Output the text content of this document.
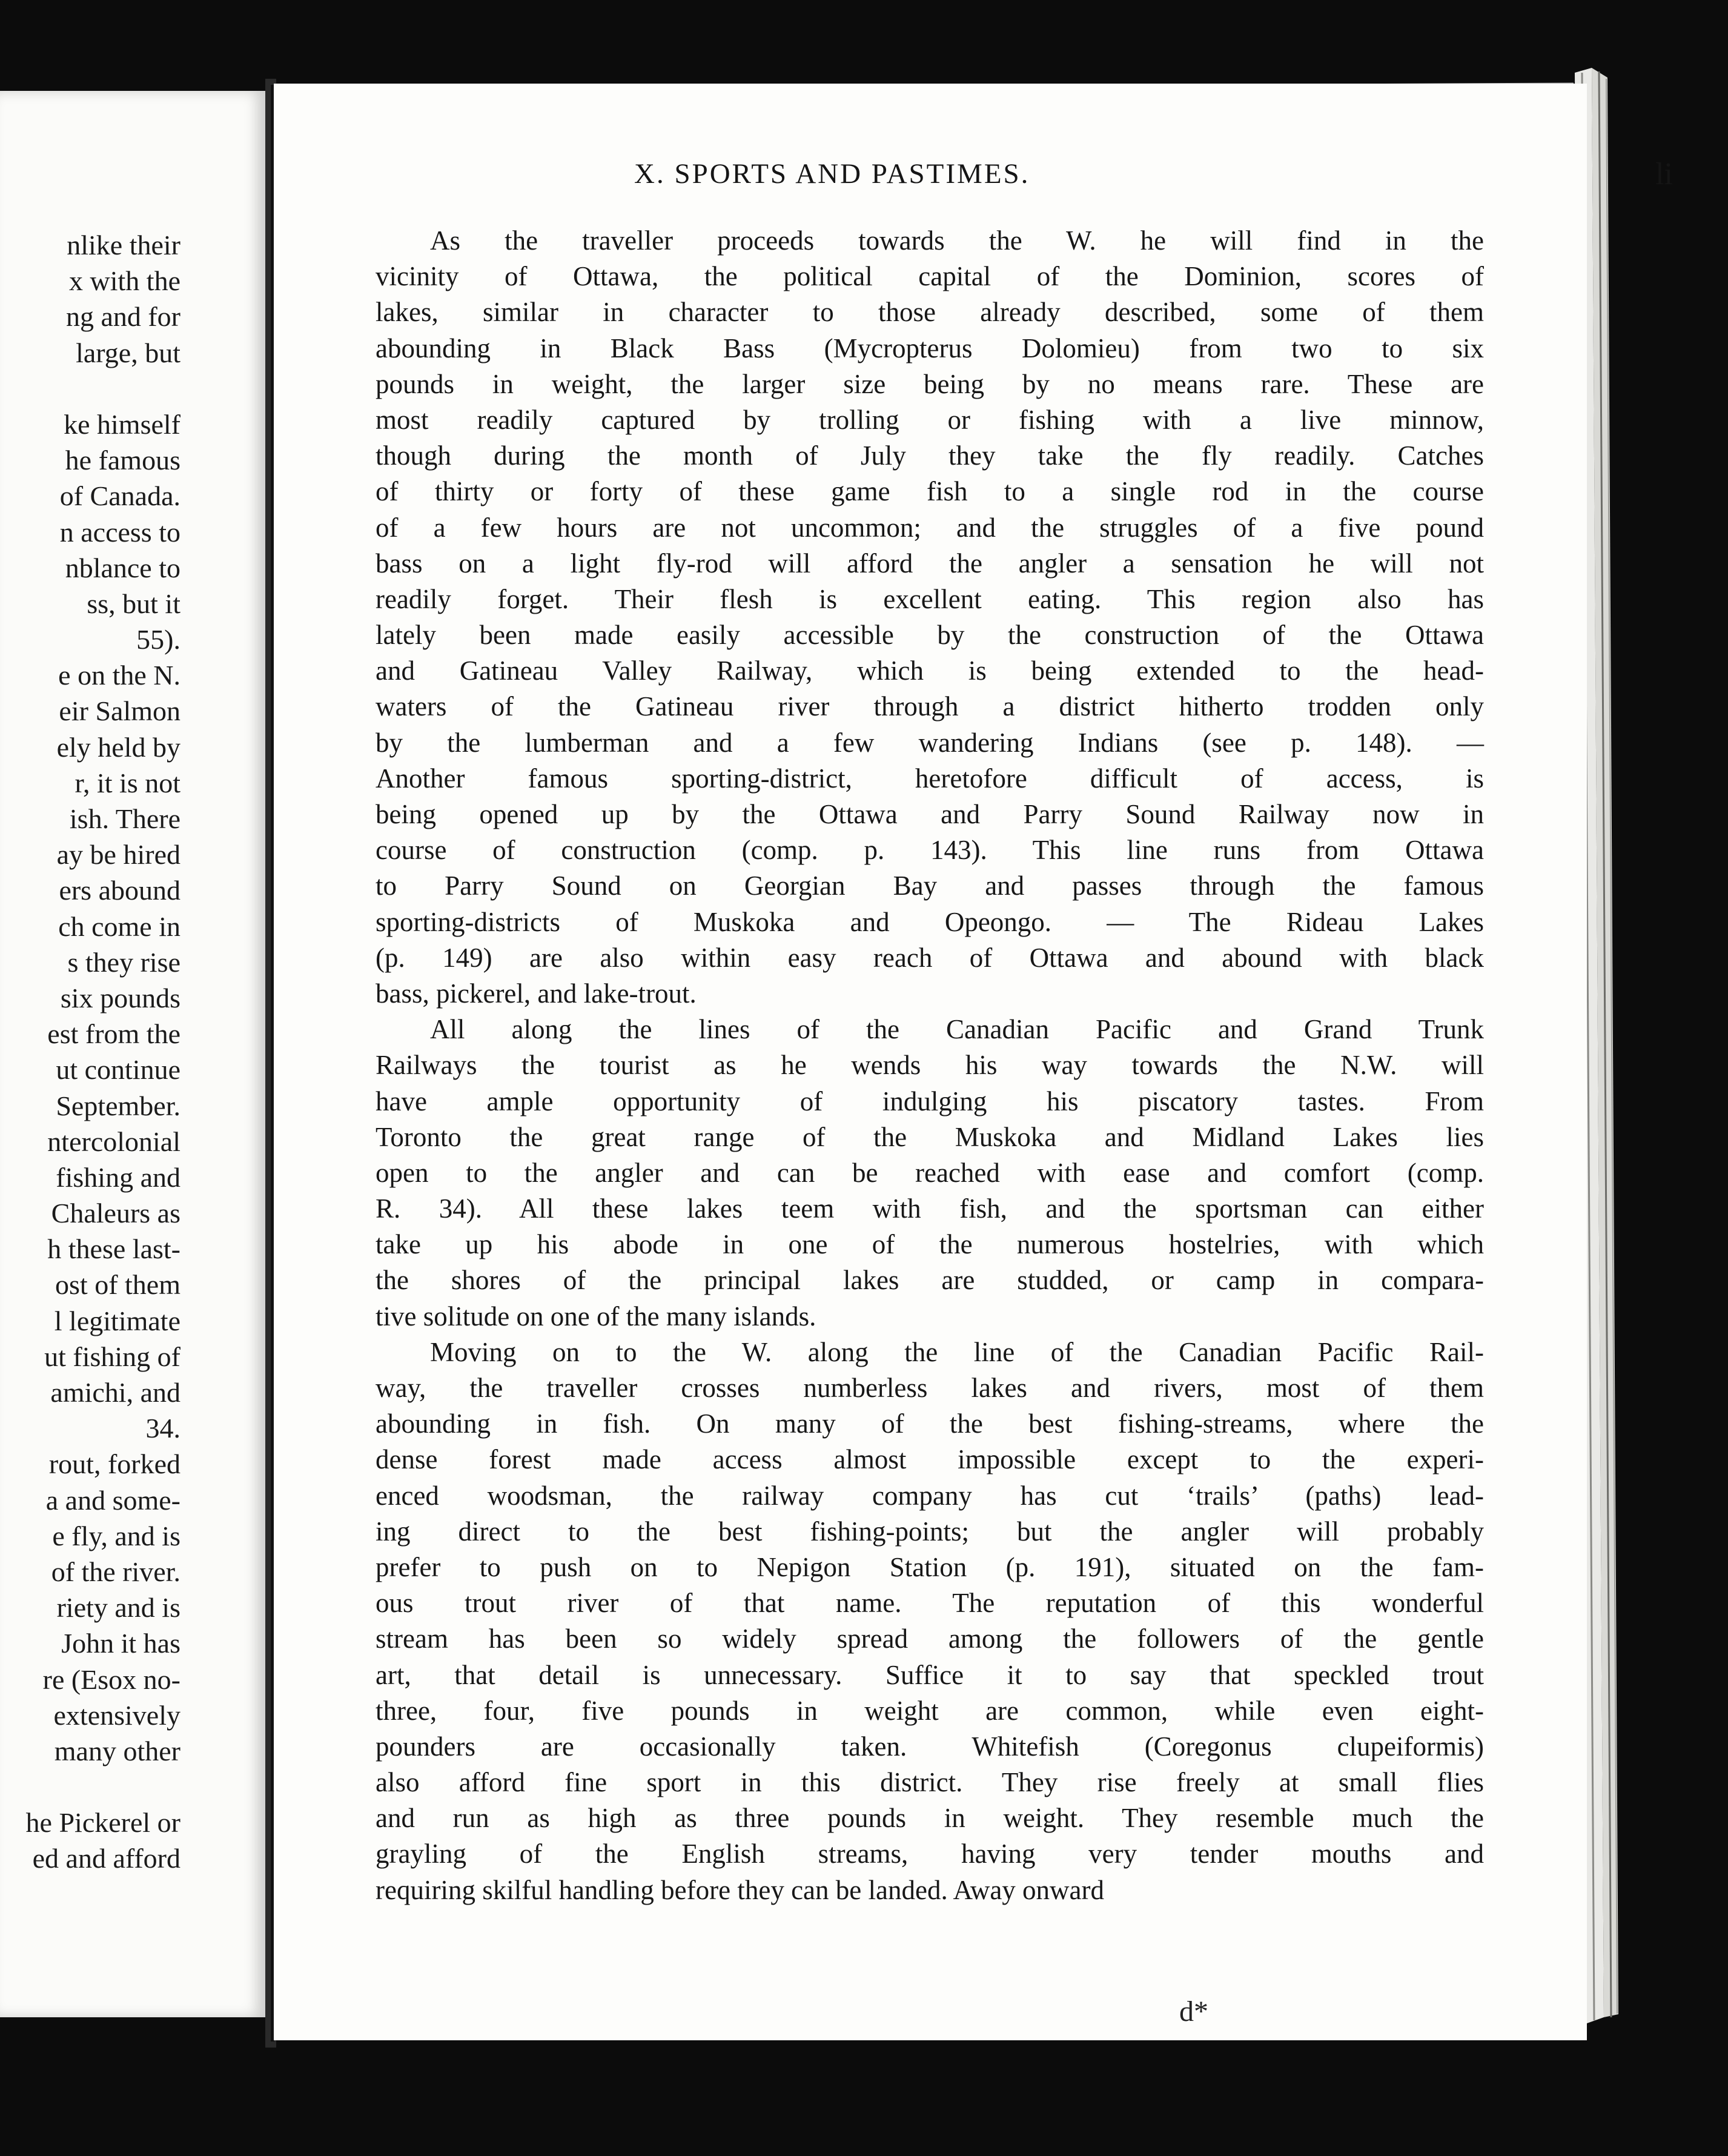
nlike their
x with the
ng and for
large, but
ke himself
he famous
of Canada.
n access to
nblance to
ss, but it
55).
e on the N.
eir Salmon
ely held by
r, it is not
ish. There
ay be hired
ers abound
ch come in
s they rise
six pounds
est from the
ut continue
September.
ntercolonial
fishing and
Chaleurs as
h these last-
ost of them
l legitimate
ut fishing of
amichi, and
34.
rout, forked
a and some-
e fly, and is
of the river.
riety and is
John it has
re (Esox no-
extensively
many other
he Pickerel or
ed and afford
X. SPORTS AND PASTIMES.	li
As the traveller proceeds towards the W. he will find in the
vicinity of Ottawa, the political capital of the Dominion, scores of
lakes, similar in character to those already described, some of them
abounding in Black Bass (Mycropterus Dolomieu) from two to six
pounds in weight, the larger size being by no means rare. These are
most readily captured by trolling or fishing with a live minnow,
though during the month of July they take the fly readily. Catches
of thirty or forty of these game fish to a single rod in the course
of a few hours are not uncommon; and the struggles of a five pound
bass on a light fly-rod will afford the angler a sensation he will not
readily forget. Their flesh is excellent eating. This region also has
lately been made easily accessible by the construction of the Ottawa
and Gatineau Valley Railway, which is being extended to the head-
waters of the Gatineau river through a district hitherto trodden only
by the lumberman and a few wandering Indians (see p. 148). —
Another famous sporting-district, heretofore difficult of access, is
being opened up by the Ottawa and Parry Sound Railway now in
course of construction (comp. p. 143). This line runs from Ottawa
to Parry Sound on Georgian Bay and passes through the famous
sporting-districts of Muskoka and Opeongo. — The Rideau Lakes
(p. 149) are also within easy reach of Ottawa and abound with black
bass, pickerel, and lake-trout.
All along the lines of the Canadian Pacific and Grand Trunk
Railways the tourist as he wends his way towards the N.W. will
have ample opportunity of indulging his piscatory tastes. From
Toronto the great range of the Muskoka and Midland Lakes lies
open to the angler and can be reached with ease and comfort (comp.
R. 34). All these lakes teem with fish, and the sportsman can either
take up his abode in one of the numerous hostelries, with which
the shores of the principal lakes are studded, or camp in compara-
tive solitude on one of the many islands.
Moving on to the W. along the line of the Canadian Pacific Rail-
way, the traveller crosses numberless lakes and rivers, most of them
abounding in fish. On many of the best fishing-streams, where the
dense forest made access almost impossible except to the experi-
enced woodsman, the railway company has cut ‘trails’ (paths) lead-
ing direct to the best fishing-points; but the angler will probably
prefer to push on to Nepigon Station (p. 191), situated on the fam-
ous trout river of that name. The reputation of this wonderful
stream has been so widely spread among the followers of the gentle
art, that detail is unnecessary. Suffice it to say that speckled trout
three, four, five pounds in weight are common, while even eight-
pounders are occasionally taken. Whitefish (Coregonus clupeiformis)
also afford fine sport in this district. They rise freely at small flies
and run as high as three pounds in weight. They resemble much the
grayling of the English streams, having very tender mouths and
requiring skilful handling before they can be landed. Away onward
d*
